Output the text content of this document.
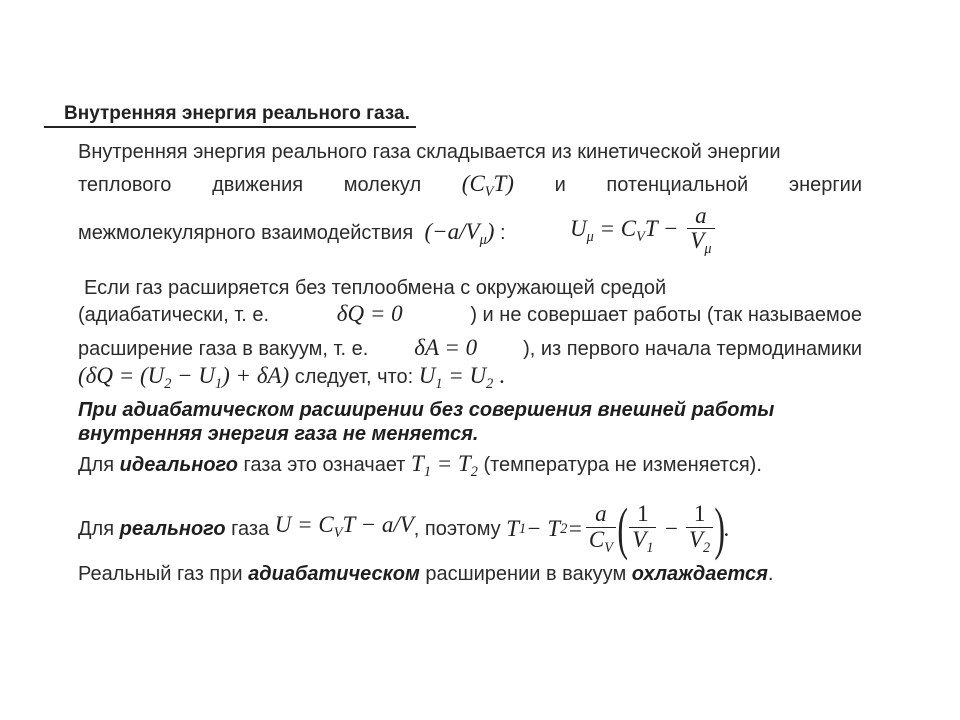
Внутренняя энергия реального газа.
Внутренняя энергия реального газа складывается из кинетической энергии
теплового движения молекул $(C_VT)$ и потенциальной энергии
межмолекулярного взаимодействия $(-a/V_\mu)$ :	$U_\mu = C_VT - \frac{a}{V_\mu}$
Если газ расширяется без теплообмена с окружающей средой
(адиабатически, т. е.	δQ = 0	) и не совершает работы (так называемое
расширение газа в вакуум, т. е. δA = 0 ), из первого начала термодинамики
$(\delta Q = (U_2 - U_1) + \delta A)$ следует, что: $U_1 = U_2$ .
При адиабатическом расширении без совершения внешней работы
внутренняя энергия газа не меняется.
Для идеального газа это означает $T_1 = T_2$ (температура не изменяется).
Для
реального
газа
$U = C_VT - a/V$ , поэтому
T 1 − T $2 = \frac{a}{C_V}$ ( $\frac{1}{V_1} - \frac{1}{V_2}$ )
.
Реальный газ при адиабатическом расширении в вакуум охлаждается.
